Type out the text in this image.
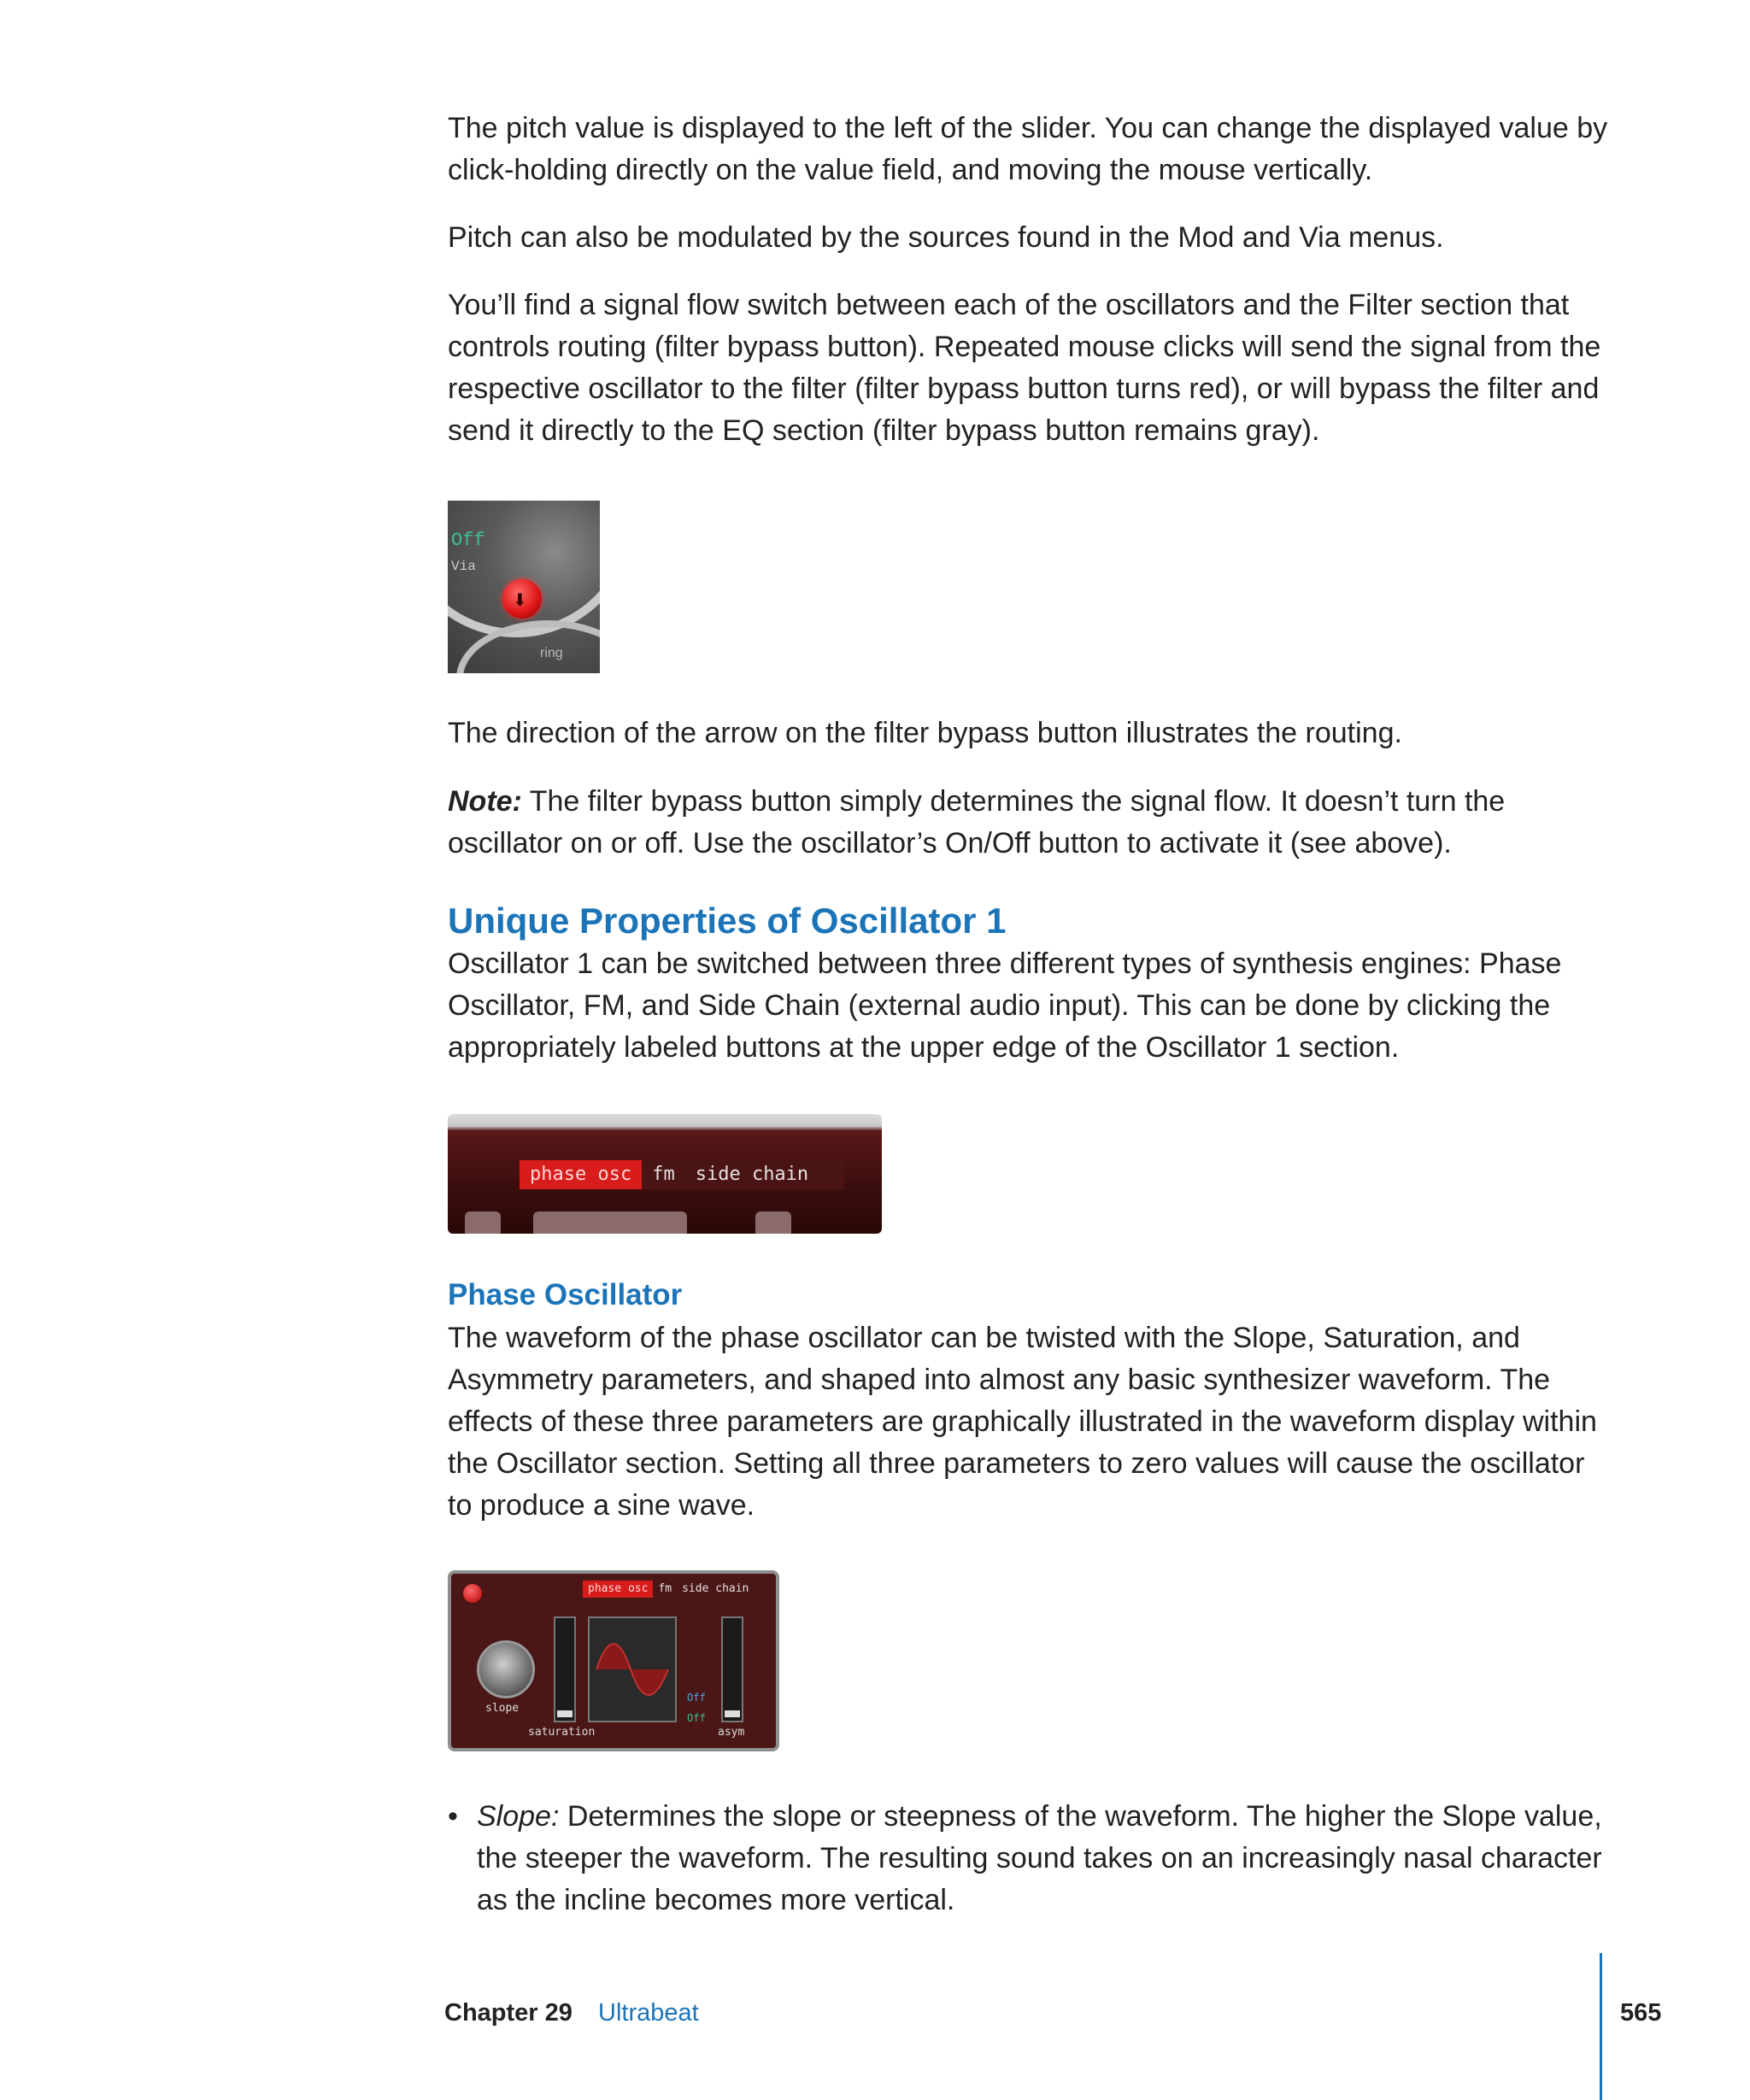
The pitch value is displayed to the left of the slider. You can change the displayed value by click-holding directly on the value field, and moving the mouse vertically.

Pitch can also be modulated by the sources found in the Mod and Via menus.

You’ll find a signal flow switch between each of the oscillators and the Filter section that controls routing (filter bypass button). Repeated mouse clicks will send the signal from the respective oscillator to the filter (filter bypass button turns red), or will bypass the filter and send it directly to the EQ section (filter bypass button remains gray).

Off
Via
⬇
ring

The direction of the arrow on the filter bypass button illustrates the routing.

Note: The filter bypass button simply determines the signal flow. It doesn’t turn the oscillator on or off. Use the oscillator’s On/Off button to activate it (see above).

Unique Properties of Oscillator 1

Oscillator 1 can be switched between three different types of synthesis engines: Phase Oscillator, FM, and Side Chain (external audio input). This can be done by clicking the appropriately labeled buttons at the upper edge of the Oscillator 1 section.

phase osc	fm	side chain
Phase Oscillator

The waveform of the phase oscillator can be twisted with the Slope, Saturation, and Asymmetry parameters, and shaped into almost any basic synthesizer waveform. The effects of these three parameters are graphically illustrated in the waveform display within the Oscillator section. Setting all three parameters to zero values will cause the oscillator to produce a sine wave.

phase osc fm side chain
slope
Off
Off
saturation	asym
• Slope: Determines the slope or steepness of the waveform. The higher the Slope value, the steeper the waveform. The resulting sound takes on an increasingly nasal character as the incline becomes more vertical.

Chapter 29 Ultrabeat	565
